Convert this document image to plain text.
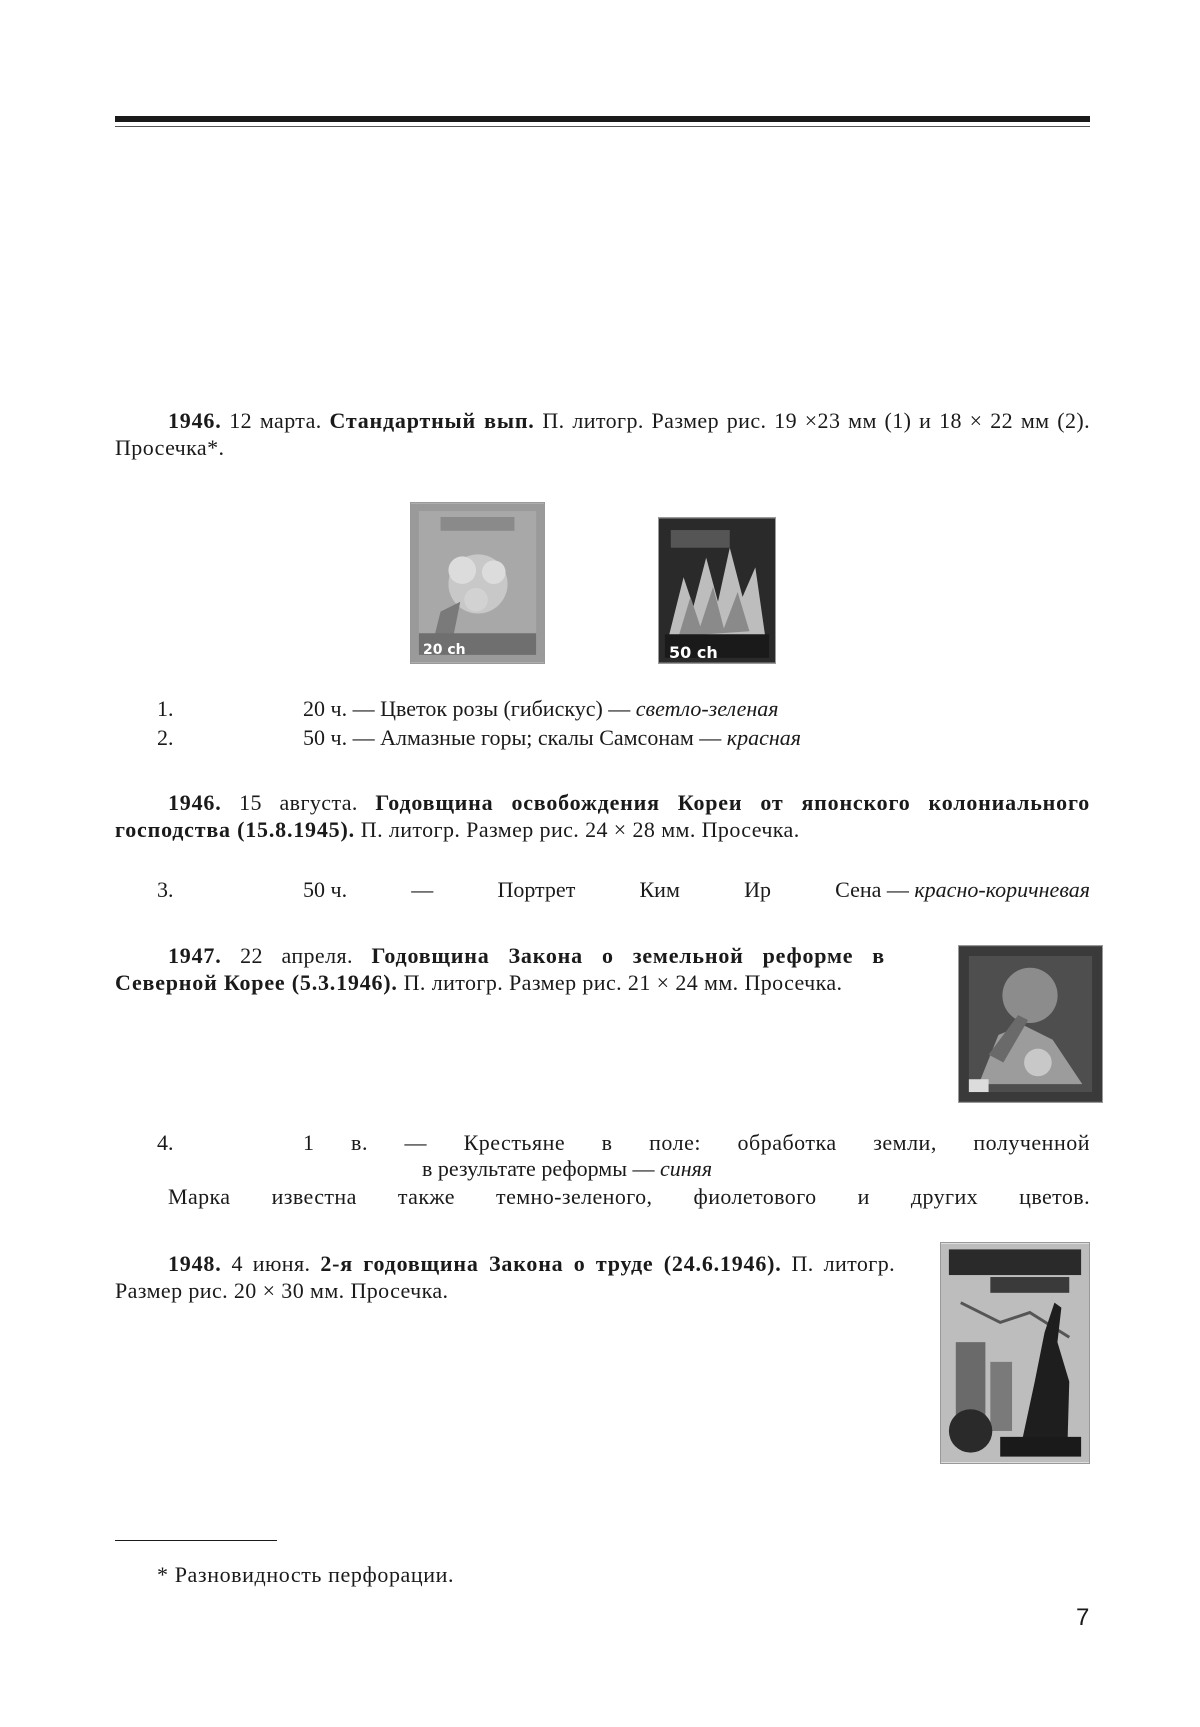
1946. 12 марта. Стандартный вып. П. литогр. Размер рис. 19 ×23 мм (1) и 18 × 22 мм (2). Просечка*.
20 ch	50 ch
1.	20 ч. — Цветок розы (гибискус) — светло-зеленая
2.	50 ч. — Алмазные горы; скалы Самсонам — красная
1946. 15 августа. Годовщина освобождения Кореи от японского колониального господства (15.8.1945). П. литогр. Размер рис. 24 × 28 мм. Просечка.
3.	50 ч.	—	Портрет	Ким	Ир	Сена — красно-коричневая
1947. 22 апреля. Годовщина Закона о земельной реформе в Северной Корее (5.3.1946). П. литогр. Размер рис. 21 × 24 мм. Просечка.
4.	1 в. — Крестьяне в поле: обработка земли, полученной
в результате реформы — синяя
Марка известна также темно-зеленого, фиолетового и других цветов.
1948. 4 июня. 2-я годовщина Закона о труде (24.6.1946). П. литогр. Размер рис. 20 × 30 мм. Просечка.
* Разновидность перфорации.
7
